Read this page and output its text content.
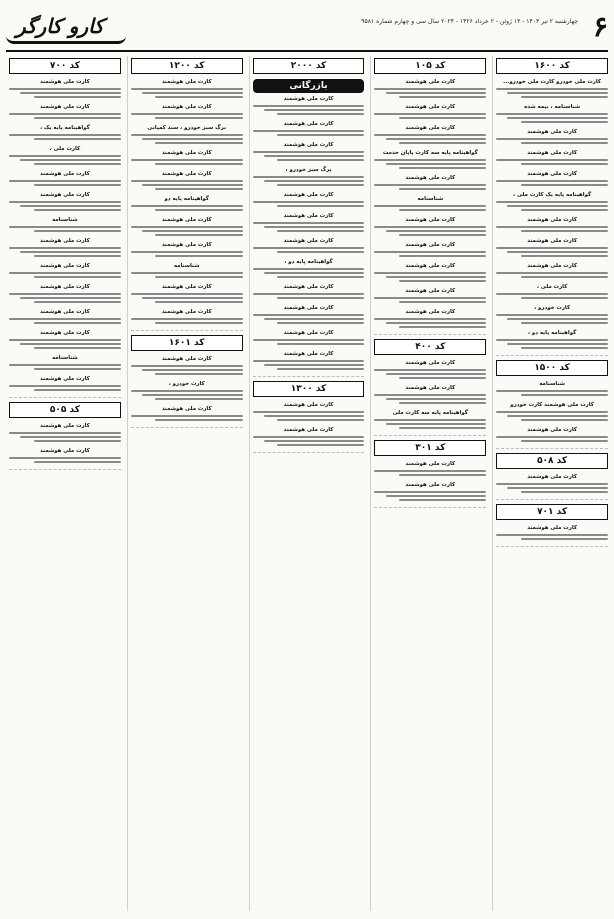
۶
چهارشنبه ۲ تیر ۱۴۰۳ - ۱۳ ژوئن - ۲ خرداد ۱۴۲۶ - ۲۰۲۴ سال سی و چهارم شماره ۹۵۸۱
کارو کارگر
کد ۱۶۰۰
کارت ملی خودرو کارت ملی خودرو...
شناسنامه ، بیمه شده
کارت ملی هوشمند
کارت ملی هوشمند
کارت ملی هوشمند
گواهینامه پایه یک کارت ملی ،
کارت ملی هوشمند
کارت ملی هوشمند
کارت ملی هوشمند
کارت ملی ،
کارت خودرو ،
گواهینامه پایه دو ،
کد ۱۵۰۰
شناسنامه
کارت ملی هوشمند کارت خودرو
کارت ملی هوشمند
کد ۵۰۸
کارت ملی هوشمند
کد ۷۰۱
کارت ملی هوشمند
کد ۱۰۵
کارت ملی هوشمند
کارت ملی هوشمند
کارت ملی هوشمند
گواهینامه پایه سه کارت پایان خدمت
کارت ملی هوشمند
شناسنامه
کارت ملی هوشمند
کارت ملی هوشمند
کارت ملی هوشمند
کارت ملی هوشمند
کارت ملی هوشمند
کد ۴۰۰
کارت ملی هوشمند
کارت ملی هوشمند
گواهینامه پایه سه کارت ملی
کد ۳۰۱
کارت ملی هوشمند
کارت ملی هوشمند
کد ۲۰۰۰
بازرگانی
کارت ملی هوشمند
کارت ملی هوشمند
کارت ملی هوشمند
برگ سبز خودرو ،
کارت ملی هوشمند
کارت ملی هوشمند
کارت ملی هوشمند
گواهینامه پایه دو ،
کارت ملی هوشمند
کارت ملی هوشمند
کارت ملی هوشمند
کارت ملی هوشمند
کد ۱۳۰۰
کارت ملی هوشمند
کارت ملی هوشمند
کد ۱۲۰۰
کارت ملی هوشمند
کارت ملی هوشمند
برگ سبز خودرو ، سند کمپانی
کارت ملی هوشمند
کارت ملی هوشمند
گواهینامه پایه دو
کارت ملی هوشمند
کارت ملی هوشمند
شناسنامه
کارت ملی هوشمند
کارت ملی هوشمند
کد ۱۶۰۱
کارت ملی هوشمند
کارت خودرو ،
کارت ملی هوشمند
کد ۷۰۰
کارت ملی هوشمند
کارت ملی هوشمند
گواهینامه پایه یک ،
کارت ملی ،
کارت ملی هوشمند
کارت ملی هوشمند
شناسنامه
کارت ملی هوشمند
کارت ملی هوشمند
کارت ملی هوشمند
کارت ملی هوشمند
کارت ملی هوشمند
شناسنامه
کارت ملی هوشمند
کد ۵۰۵
کارت ملی هوشمند
کارت ملی هوشمند
